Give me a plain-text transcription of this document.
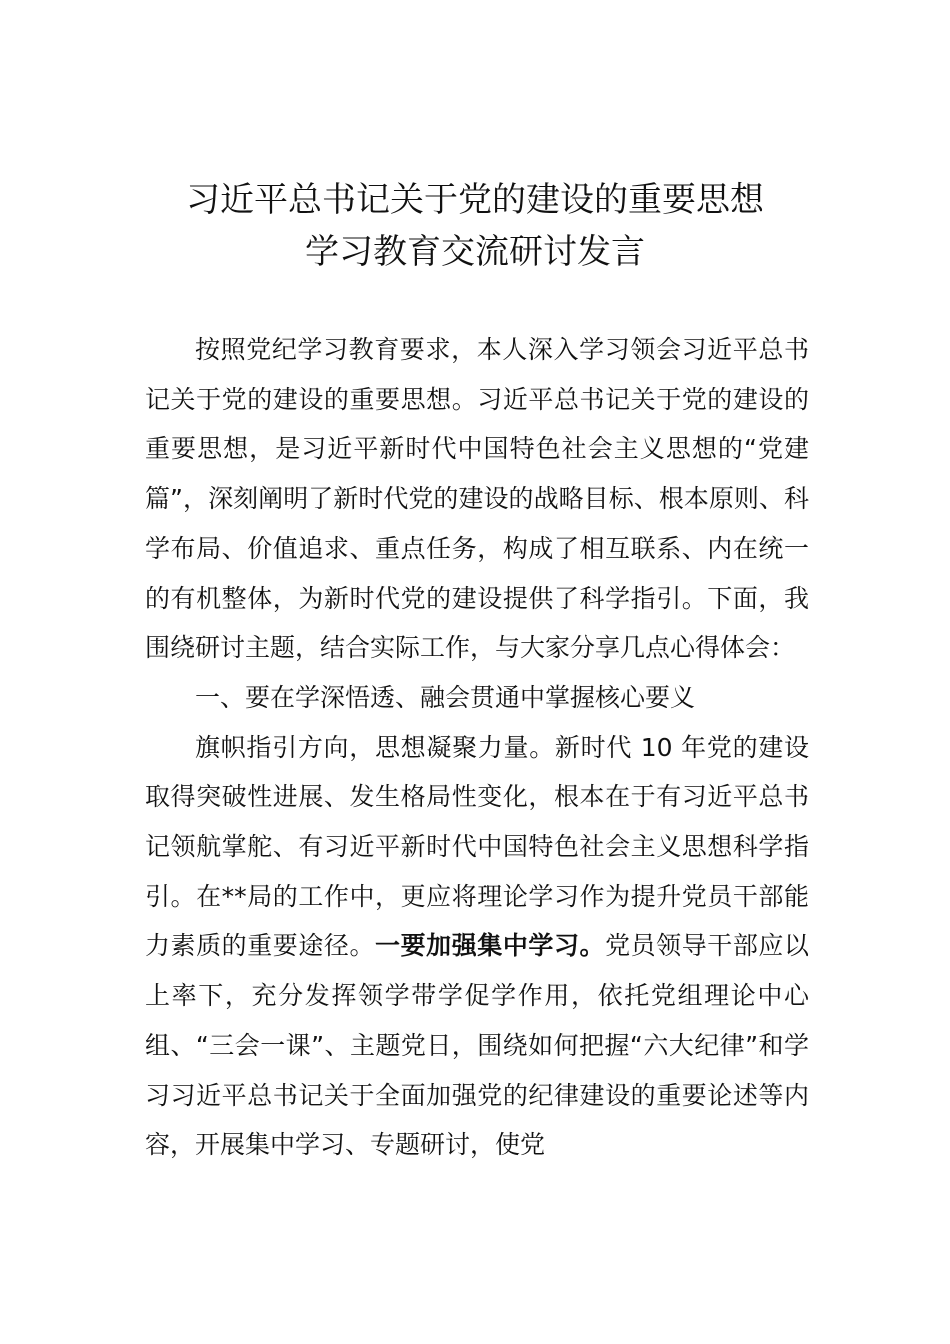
习近平总书记关于党的建设的重要思想
学习教育交流研讨发言

按照党纪学习教育要求，本人深入学习领会习近平总书记关于党的建设的重要思想。习近平总书记关于党的建设的重要思想，是习近平新时代中国特色社会主义思想的“党建篇”，深刻阐明了新时代党的建设的战略目标、根本原则、科学布局、价值追求、重点任务，构成了相互联系、内在统一的有机整体，为新时代党的建设提供了科学指引。下面，我围绕研讨主题，结合实际工作，与大家分享几点心得体会：

一、要在学深悟透、融会贯通中掌握核心要义

旗帜指引方向，思想凝聚力量。新时代 10 年党的建设取得突破性进展、发生格局性变化，根本在于有习近平总书记领航掌舵、有习近平新时代中国特色社会主义思想科学指引。在**局的工作中，更应将理论学习作为提升党员干部能力素质的重要途径。一要加强集中学习。党员领导干部应以上率下，充分发挥领学带学促学作用，依托党组理论中心组、“三会一课”、主题党日，围绕如何把握“六大纪律”和学习习近平总书记关于全面加强党的纪律建设的重要论述等内容，开展集中学习、专题研讨，使党
